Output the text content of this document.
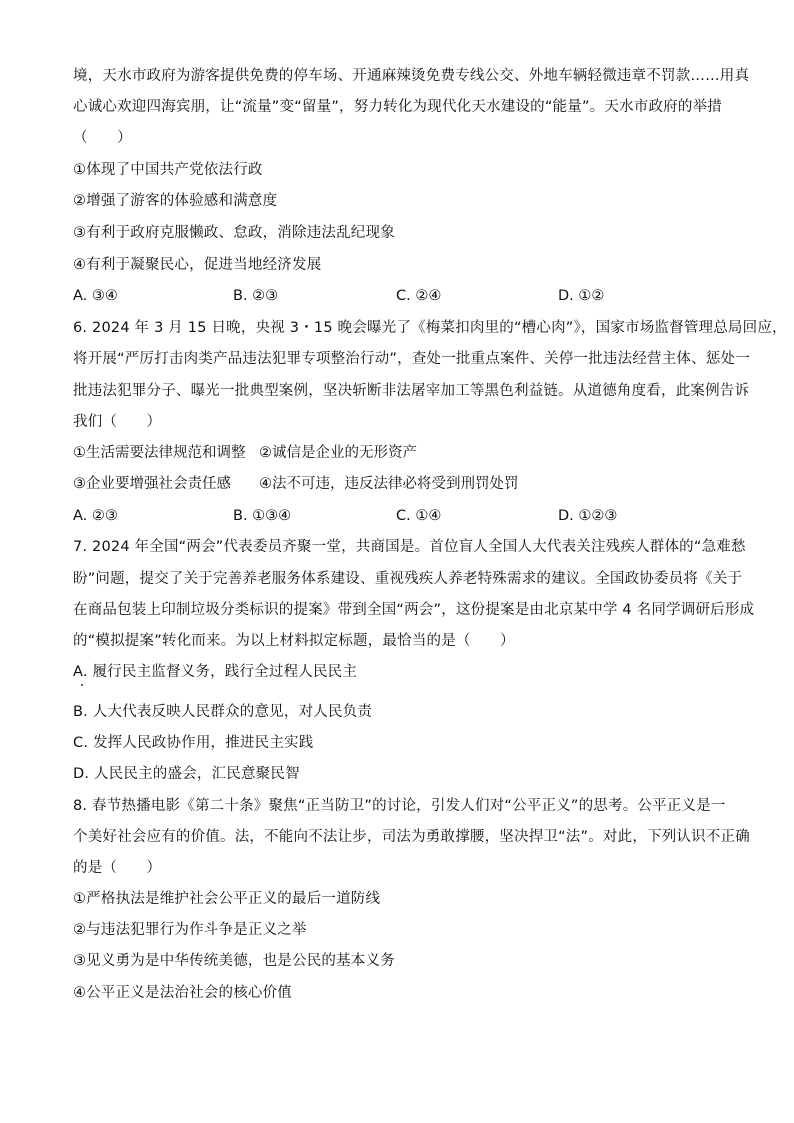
境，天水市政府为游客提供免费的停车场、开通麻辣烫免费专线公交、外地车辆轻微违章不罚款……用真
心诚心欢迎四海宾朋，让“流量”变“留量”，努力转化为现代化天水建设的“能量”。天水市政府的举措
（　　）
①体现了中国共产党依法行政
②增强了游客的体验感和满意度
③有利于政府克服懒政、怠政，消除违法乱纪现象
④有利于凝聚民心，促进当地经济发展
A. ③④	B. ②③	C. ②④	D. ①②
6. 2024 年 3 月 15 日晚，央视 3・15 晚会曝光了《梅菜扣肉里的“槽心肉”》，国家市场监督管理总局回应，
将开展“严厉打击肉类产品违法犯罪专项整治行动”，查处一批重点案件、关停一批违法经营主体、惩处一
批违法犯罪分子、曝光一批典型案例，坚决斩断非法屠宰加工等黑色利益链。从道德角度看，此案例告诉
我们（　　）
①生活需要法律规范和调整 ②诚信是企业的无形资产
③企业要增强社会责任感 ④法不可违，违反法律必将受到刑罚处罚
A. ②③	B. ①③④	C. ①④	D. ①②③
7. 2024 年全国“两会”代表委员齐聚一堂，共商国是。首位盲人全国人大代表关注残疾人群体的“急难愁
盼”问题，提交了关于完善养老服务体系建设、重视残疾人养老特殊需求的建议。全国政协委员将《关于
在商品包装上印制垃圾分类标识的提案》带到全国“两会”，这份提案是由北京某中学 4 名同学调研后形成
的“模拟提案”转化而来。为以上材料拟定标题，最恰当的是（　　）
A. 履行民主监督义务，践行全过程人民民主
B. 人大代表反映人民群众的意见，对人民负责
C. 发挥人民政协作用，推进民主实践
D. 人民民主的盛会，汇民意聚民智
8. 春节热播电影《第二十条》聚焦“正当防卫”的讨论，引发人们对“公平正义”的思考。公平正义是一
个美好社会应有的价值。法，不能向不法让步，司法为勇敢撑腰，坚决捍卫“法”。对此，下列认识不正确
的是（　　）
①严格执法是维护社会公平正义的最后一道防线
②与违法犯罪行为作斗争是正义之举
③见义勇为是中华传统美德，也是公民的基本义务
④公平正义是法治社会的核心价值
